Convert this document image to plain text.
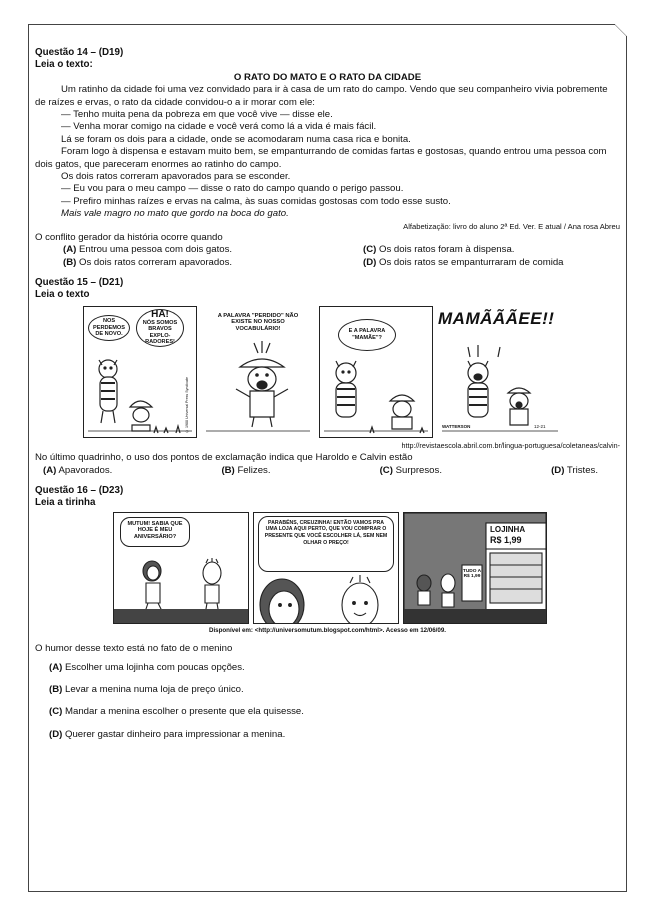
Questão 14 – (D19)
Leia o texto:
O RATO DO MATO E O RATO DA CIDADE

Um ratinho da cidade foi uma vez convidado para ir à casa de um rato do campo. Vendo que seu companheiro vivia pobremente de raízes e ervas, o rato da cidade convidou-o a ir morar com ele:

— Tenho muita pena da pobreza em que você vive — disse ele.

— Venha morar comigo na cidade e você verá como lá a vida é mais fácil.

Lá se foram os dois para a cidade, onde se acomodaram numa casa rica e bonita.

Foram logo à dispensa e estavam muito bem, se empanturrando de comidas fartas e gostosas, quando entrou uma pessoa com dois gatos, que pareceram enormes ao ratinho do campo.

Os dois ratos correram apavorados para se esconder.

— Eu vou para o meu campo — disse o rato do campo quando o perigo passou.

— Prefiro minhas raízes e ervas na calma, às suas comidas gostosas com todo esse susto.

Mais vale magro no mato que gordo na boca do gato.

Alfabetização: livro do aluno 2ª Ed. Ver. E atual / Ana rosa Abreu
O conflito gerador da história ocorre quando
(A) Entrou uma pessoa com dois gatos.	(C) Os dois ratos foram à dispensa.
(B) Os dois ratos correram apavorados.	(D) Os dois ratos se empanturraram de comida
Questão 15 – (D21)
Leia o texto
NOS PERDEMOS DE NOVO.
HA!
NÓS SOMOS BRAVOS EXPLO-RADORES!
© 1988 Universal Press Syndicate
A PALAVRA "PERDIDO" NÃO EXISTE NO NOSSO VOCABULÁRIO!	E A PALAVRA "MAMÃE"?
MAMÃÃÃEE!!
WATTERSON	12-21
http://revistaescola.abril.com.br/lingua-portuguesa/coletaneas/calvin-
No último quadrinho, o uso dos pontos de exclamação indica que Haroldo e Calvin estão
(A) Apavorados.	(B) Felizes.	(C) Surpresos.	(D) Tristes.
Questão 16 – (D23)
Leia a tirinha
MUTUM! SABIA QUE HOJE É MEU ANIVERSÁRIO?
PARABÉNS, CREUZINHA! ENTÃO VAMOS PRA UMA LOJA AQUI PERTO, QUE VOU COMPRAR O PRESENTE QUE VOCÊ ESCOLHER LÁ, SEM NEM OLHAR O PREÇO!
LOJINHA
R$ 1,99
TUDO A R$ 1,99
Disponível em: <http://universomutum.blogspot.com/html>. Acesso em 12/06/09.
O humor desse texto está no fato de o menino

(A) Escolher uma lojinha com poucas opções.

(B) Levar a menina numa loja de preço único.

(C) Mandar a menina escolher o presente que ela quisesse.

(D) Querer gastar dinheiro para impressionar a menina.
